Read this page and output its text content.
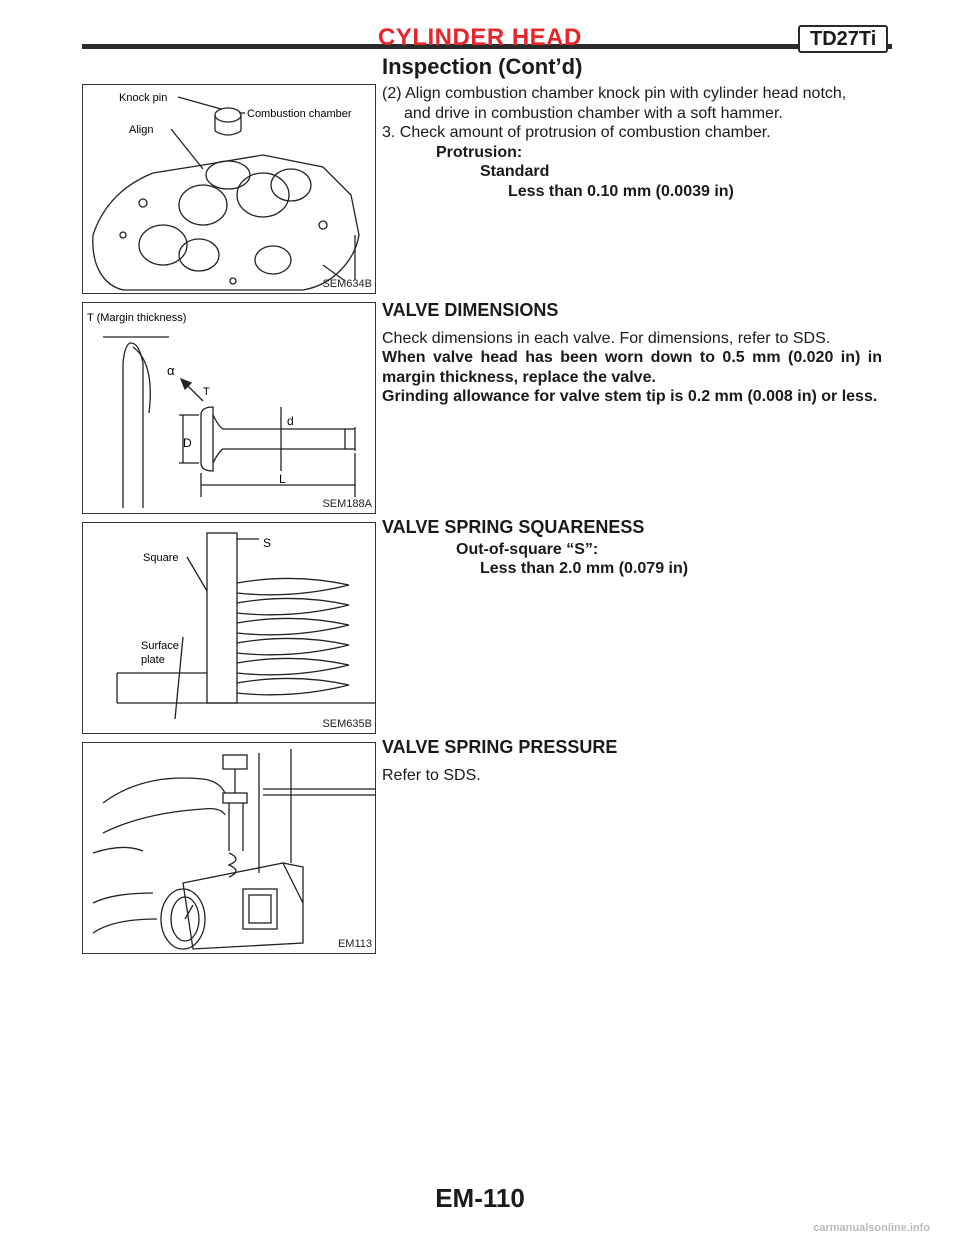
CYLINDER HEAD	TD27Ti
Inspection (Cont’d)
Knock pin
Combustion chamber
Align
SEM634B
T (Margin thickness)
α
T
D
d
L
SEM188A
S
Square
Surface
plate
SEM635B
EM113
(2) Align combustion chamber knock pin with cylinder head notch,
and drive in combustion chamber with a soft hammer.
3. Check amount of protrusion of combustion chamber.
Protrusion:
Standard
Less than 0.10 mm (0.0039 in)
VALVE DIMENSIONS
Check dimensions in each valve. For dimensions, refer to SDS.
When valve head has been worn down to 0.5 mm (0.020 in) in margin thickness, replace the valve.
Grinding allowance for valve stem tip is 0.2 mm (0.008 in) or less.
VALVE SPRING SQUARENESS
Out-of-square “S”:
Less than 2.0 mm (0.079 in)
VALVE SPRING PRESSURE
Refer to SDS.
EM-110
carmanualsonline.info
